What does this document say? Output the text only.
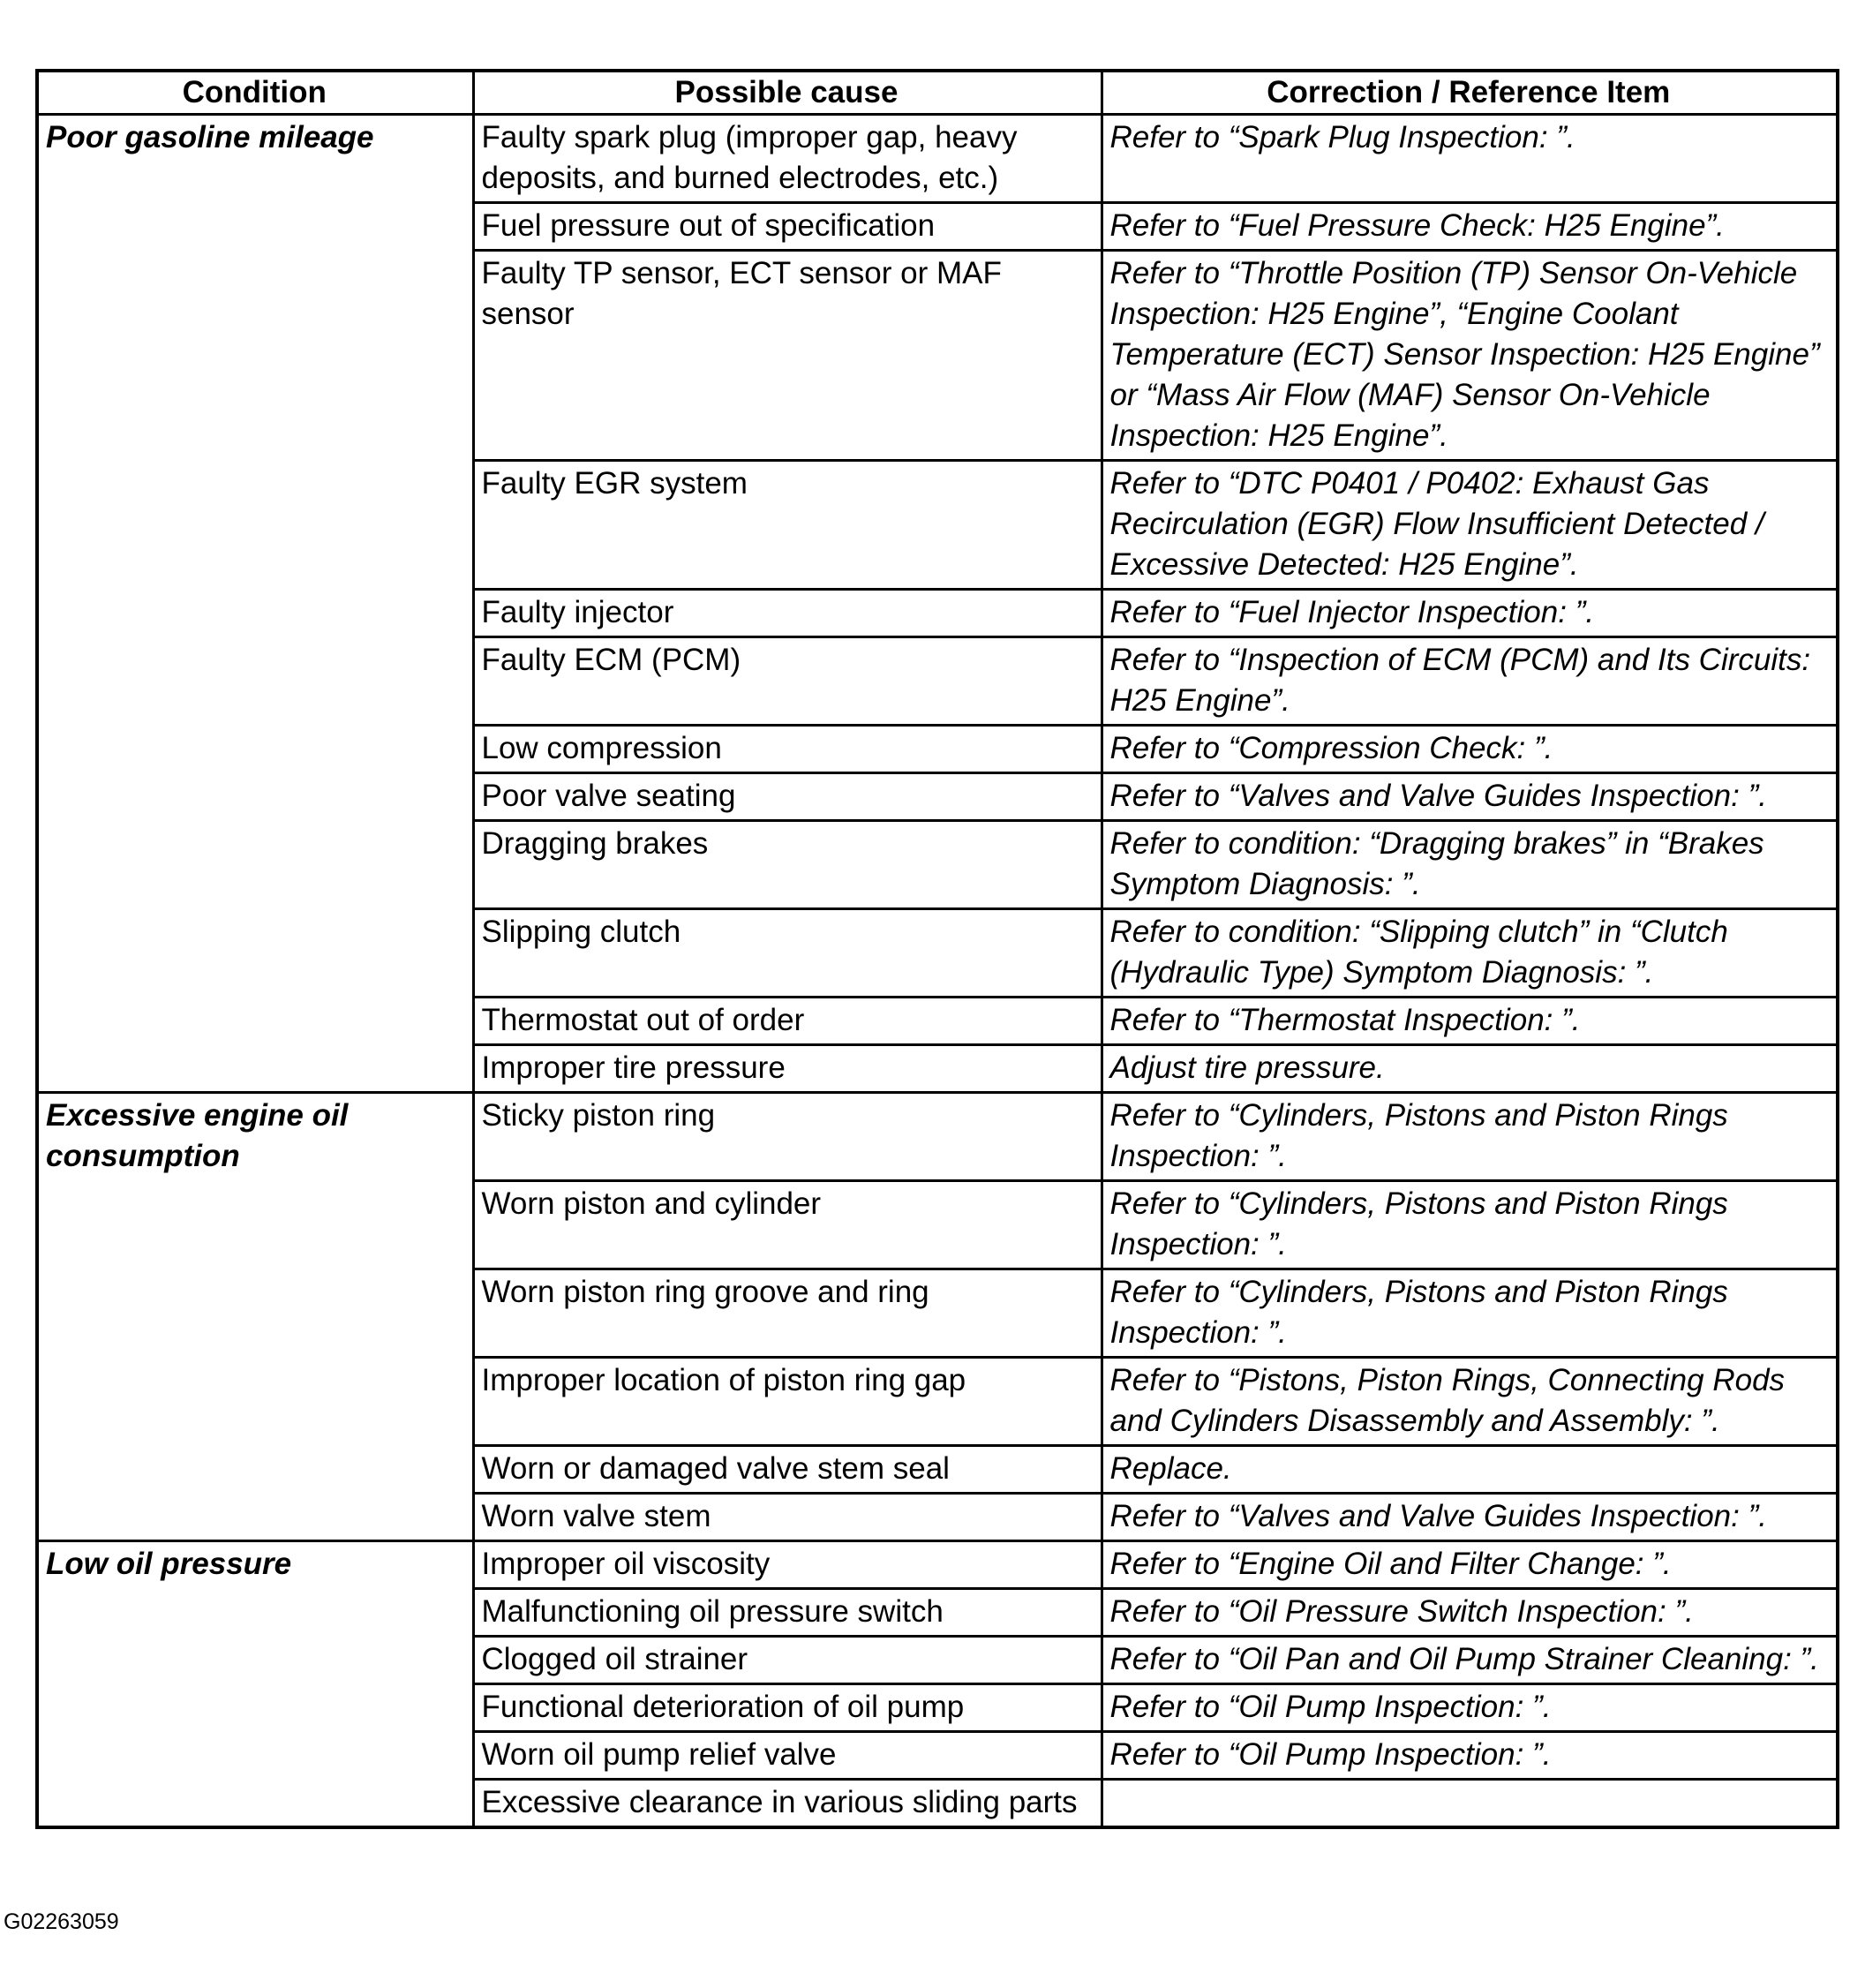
Condition	Possible cause	Correction / Reference Item
Poor gasoline mileage	Faulty spark plug (improper gap, heavy deposits, and burned electrodes, etc.)	Refer to “Spark Plug Inspection: ”.
	Fuel pressure out of specification	Refer to “Fuel Pressure Check: H25 Engine”.
	Faulty TP sensor, ECT sensor or MAF sensor	Refer to “Throttle Position (TP) Sensor On-Vehicle Inspection: H25 Engine”, “Engine Coolant Temperature (ECT) Sensor Inspection: H25 Engine” or “Mass Air Flow (MAF) Sensor On-Vehicle Inspection: H25 Engine”.
	Faulty EGR system	Refer to “DTC P0401 / P0402: Exhaust Gas Recirculation (EGR) Flow Insufficient Detected / Excessive Detected: H25 Engine”.
	Faulty injector	Refer to “Fuel Injector Inspection: ”.
	Faulty ECM (PCM)	Refer to “Inspection of ECM (PCM) and Its Circuits: H25 Engine”.
	Low compression	Refer to “Compression Check: ”.
	Poor valve seating	Refer to “Valves and Valve Guides Inspection: ”.
	Dragging brakes	Refer to condition: “Dragging brakes” in “Brakes Symptom Diagnosis: ”.
	Slipping clutch	Refer to condition: “Slipping clutch” in “Clutch (Hydraulic Type) Symptom Diagnosis: ”.
	Thermostat out of order	Refer to “Thermostat Inspection: ”.
	Improper tire pressure	Adjust tire pressure.
Excessive engine oil consumption	Sticky piston ring	Refer to “Cylinders, Pistons and Piston Rings Inspection: ”.
	Worn piston and cylinder	Refer to “Cylinders, Pistons and Piston Rings Inspection: ”.
	Worn piston ring groove and ring	Refer to “Cylinders, Pistons and Piston Rings Inspection: ”.
	Improper location of piston ring gap	Refer to “Pistons, Piston Rings, Connecting Rods and Cylinders Disassembly and Assembly: ”.
	Worn or damaged valve stem seal	Replace.
	Worn valve stem	Refer to “Valves and Valve Guides Inspection: ”.
Low oil pressure	Improper oil viscosity	Refer to “Engine Oil and Filter Change: ”.
	Malfunctioning oil pressure switch	Refer to “Oil Pressure Switch Inspection: ”.
	Clogged oil strainer	Refer to “Oil Pan and Oil Pump Strainer Cleaning: ”.
	Functional deterioration of oil pump	Refer to “Oil Pump Inspection: ”.
	Worn oil pump relief valve	Refer to “Oil Pump Inspection: ”.
	Excessive clearance in various sliding parts	
G02263059
